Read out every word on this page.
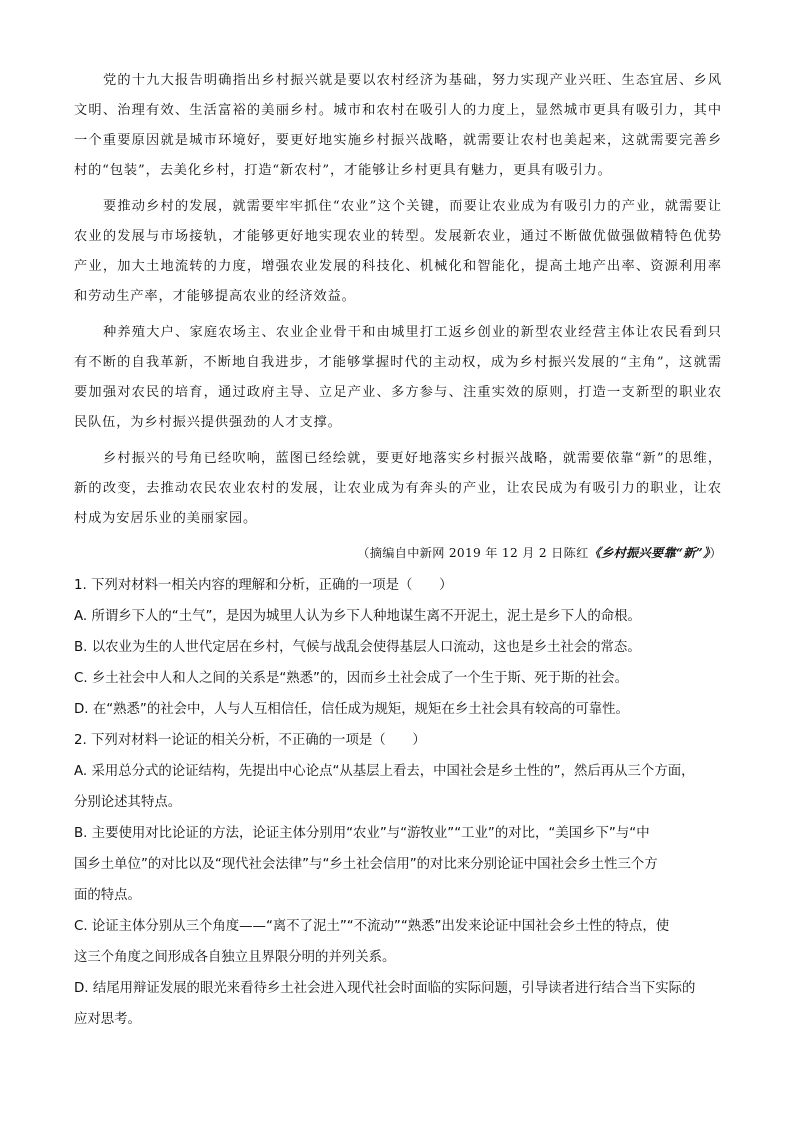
党的十九大报告明确指出乡村振兴就是要以农村经济为基础，努力实现产业兴旺、生态宜居、乡风文明、治理有效、生活富裕的美丽乡村。城市和农村在吸引人的力度上，显然城市更具有吸引力，其中一个重要原因就是城市环境好，要更好地实施乡村振兴战略，就需要让农村也美起来，这就需要完善乡村的“包装”，去美化乡村，打造“新农村”，才能够让乡村更具有魅力，更具有吸引力。

要推动乡村的发展，就需要牢牢抓住“农业”这个关键，而要让农业成为有吸引力的产业，就需要让农业的发展与市场接轨，才能够更好地实现农业的转型。发展新农业，通过不断做优做强做精特色优势产业，加大土地流转的力度，增强农业发展的科技化、机械化和智能化，提高土地产出率、资源利用率和劳动生产率，才能够提高农业的经济效益。

种养殖大户、家庭农场主、农业企业骨干和由城里打工返乡创业的新型农业经营主体让农民看到只有不断的自我革新，不断地自我进步，才能够掌握时代的主动权，成为乡村振兴发展的“主角”，这就需要加强对农民的培育，通过政府主导、立足产业、多方参与、注重实效的原则，打造一支新型的职业农民队伍，为乡村振兴提供强劲的人才支撑。

乡村振兴的号角已经吹响，蓝图已经绘就，要更好地落实乡村振兴战略，就需要依靠“新”的思维，新的改变，去推动农民农业农村的发展，让农业成为有奔头的产业，让农民成为有吸引力的职业，让农村成为安居乐业的美丽家园。

（摘编自中新网 2019 年 12 月 2 日陈红《乡村振兴要靠“新”》）

1. 下列对材料一相关内容的理解和分析，正确的一项是（　　）

A. 所谓乡下人的“土气”，是因为城里人认为乡下人种地谋生离不开泥土，泥土是乡下人的命根。

B. 以农业为生的人世代定居在乡村，气候与战乱会使得基层人口流动，这也是乡土社会的常态。

C. 乡土社会中人和人之间的关系是“熟悉”的，因而乡土社会成了一个生于斯、死于斯的社会。

D. 在“熟悉”的社会中，人与人互相信任，信任成为规矩，规矩在乡土社会具有较高的可靠性。

2. 下列对材料一论证的相关分析，不正确的一项是（　　）

A. 采用总分式的论证结构，先提出中心论点“从基层上看去，中国社会是乡土性的”，然后再从三个方面，

分别论述其特点。

B. 主要使用对比论证的方法，论证主体分别用“农业”与“游牧业”“工业”的对比，“美国乡下”与“中

国乡土单位”的对比以及“现代社会法律”与“乡土社会信用”的对比来分别论证中国社会乡土性三个方

面的特点。

C. 论证主体分别从三个角度——“离不了泥土”“不流动”“熟悉”出发来论证中国社会乡土性的特点，使

这三个角度之间形成各自独立且界限分明的并列关系。

D. 结尾用辩证发展的眼光来看待乡土社会进入现代社会时面临的实际问题，引导读者进行结合当下实际的

应对思考。
